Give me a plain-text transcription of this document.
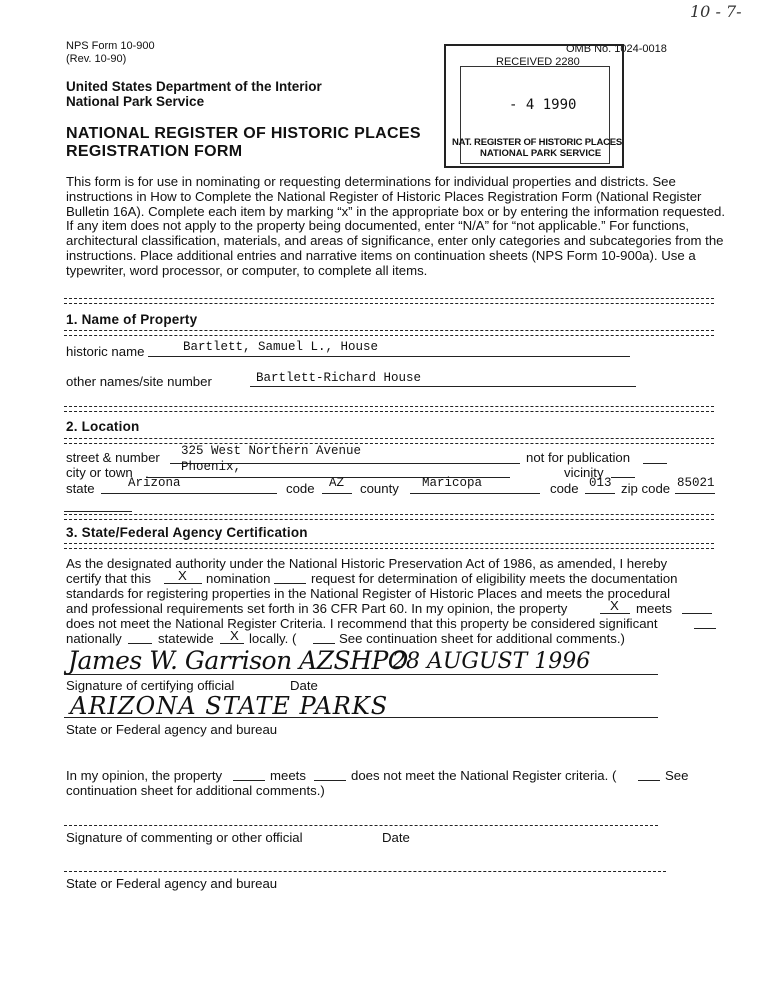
10 - 7-
NPS Form 10-900
(Rev. 10-90)
OMB No. 1024-0018
United States Department of the Interior
National Park Service
NATIONAL REGISTER OF HISTORIC PLACES
REGISTRATION FORM
RECEIVED 2280
- 4 1990
NAT. REGISTER OF HISTORIC PLACES
NATIONAL PARK SERVICE
This form is for use in nominating or requesting determinations for individual properties and districts. See instructions in How to Complete the National Register of Historic Places Registration Form (National Register Bulletin 16A). Complete each item by marking “x” in the appropriate box or by entering the information requested. If any item does not apply to the property being documented, enter “N/A” for “not applicable.” For functions, architectural classification, materials, and areas of significance, enter only categories and subcategories from the instructions. Place additional entries and narrative items on continuation sheets (NPS Form 10-900a). Use a typewriter, word processor, or computer, to complete all items.
1. Name of Property
historic name	Bartlett, Samuel L., House
other names/site number	Bartlett-Richard House
2. Location
street & number 325 West Northern Avenue	not for publication
city or town	Phoenix,	vicinity
state	Arizona	code AZ county Maricopa	code 013 zip code 85021
3. State/Federal Agency Certification
As the designated authority under the National Historic Preservation Act of 1986, as amended, I hereby
certify that this X nomination	request for determination of eligibility meets the documentation
standards for registering properties in the National Register of Historic Places and meets the procedural
and professional requirements set forth in 36 CFR Part 60. In my opinion, the property	X meets
does not meet the National Register Criteria. I recommend that this property be considered significant
nationally	statewide X locally. (	See continuation sheet for additional comments.)
James W. Garrison AZSHPO
28 AUGUST 1996
Signature of certifying official	Date
ARIZONA STATE PARKS
State or Federal agency and bureau
In my opinion, the property	meets	does not meet the National Register criteria. (	See
continuation sheet for additional comments.)
Signature of commenting or other official	Date
State or Federal agency and bureau
